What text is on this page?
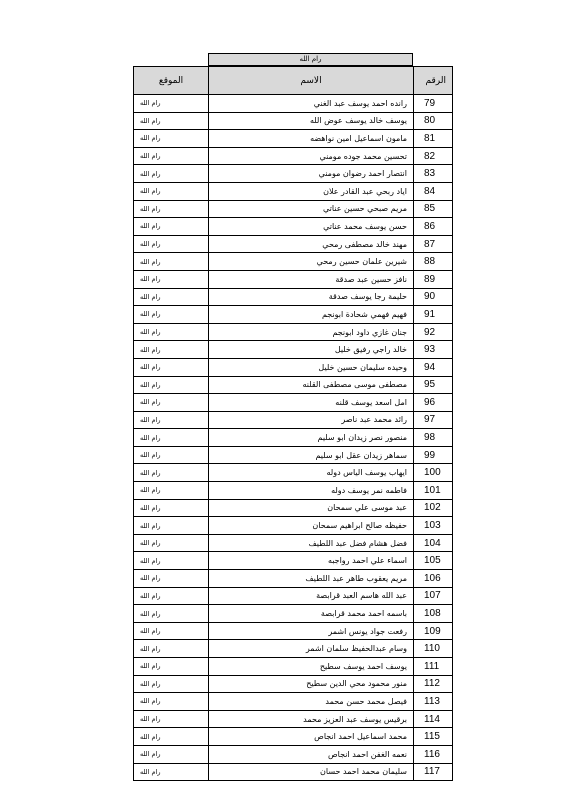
رام الله
الرقم	الاسم	الموقع
79	رانده احمد يوسف عبد الغني	رام الله
80	يوسف خالد يوسف عوض الله	رام الله
81	مامون اسماعيل امين نواهضه	رام الله
82	تحسين محمد جوده مومني	رام الله
83	انتصار احمد رضوان مومني	رام الله
84	اياد ربحي عبد القادر علان	رام الله
85	مريم صبحي حسين عناتي	رام الله
86	حسن يوسف محمد عناتي	رام الله
87	مهند خالد مصطفى رمحي	رام الله
88	شيرين علمان حسين رمحي	رام الله
89	نافز حسين عبد صدقة	رام الله
90	حليمة رجا يوسف صدقة	رام الله
91	فهيم فهمي شحادة ابونجم	رام الله
92	جنان غازي داود ابونجم	رام الله
93	خالد راجي رفيق خليل	رام الله
94	وحيده سليمان حسين خليل	رام الله
95	مصطفى موسى مصطفى القلنه	رام الله
96	امل اسعد يوسف قلنه	رام الله
97	رائد محمد عبد ناصر	رام الله
98	منصور نصر زيدان ابو سليم	رام الله
99	سماهر زيدان عقل ابو سليم	رام الله
100	ايهاب يوسف الياس دوله	رام الله
101	فاطمه نمر يوسف دوله	رام الله
102	عبد موسى علي سمحان	رام الله
103	حفيظه صالح ابراهيم سمحان	رام الله
104	فضل هشام فضل عبد اللطيف	رام الله
105	اسماء علي احمد رواجبه	رام الله
106	مريم يعقوب طاهر عبد اللطيف	رام الله
107	عبد الله هاسم العبد قرابصة	رام الله
108	باسمه احمد محمد قرابصة	رام الله
109	رفعت جواد يونس اشمر	رام الله
110	وسام عبدالحفيظ سلمان اشمر	رام الله
111	يوسف احمد يوسف سطيح	رام الله
112	منور محمود محي الدين سطيح	رام الله
113	فيصل محمد حسن محمد	رام الله
114	برقيس يوسف عبد العزيز محمد	رام الله
115	محمد اسماعيل احمد انجاص	رام الله
116	نعمه الغفن احمد انجاص	رام الله
117	سليمان محمد احمد حسان	رام الله
